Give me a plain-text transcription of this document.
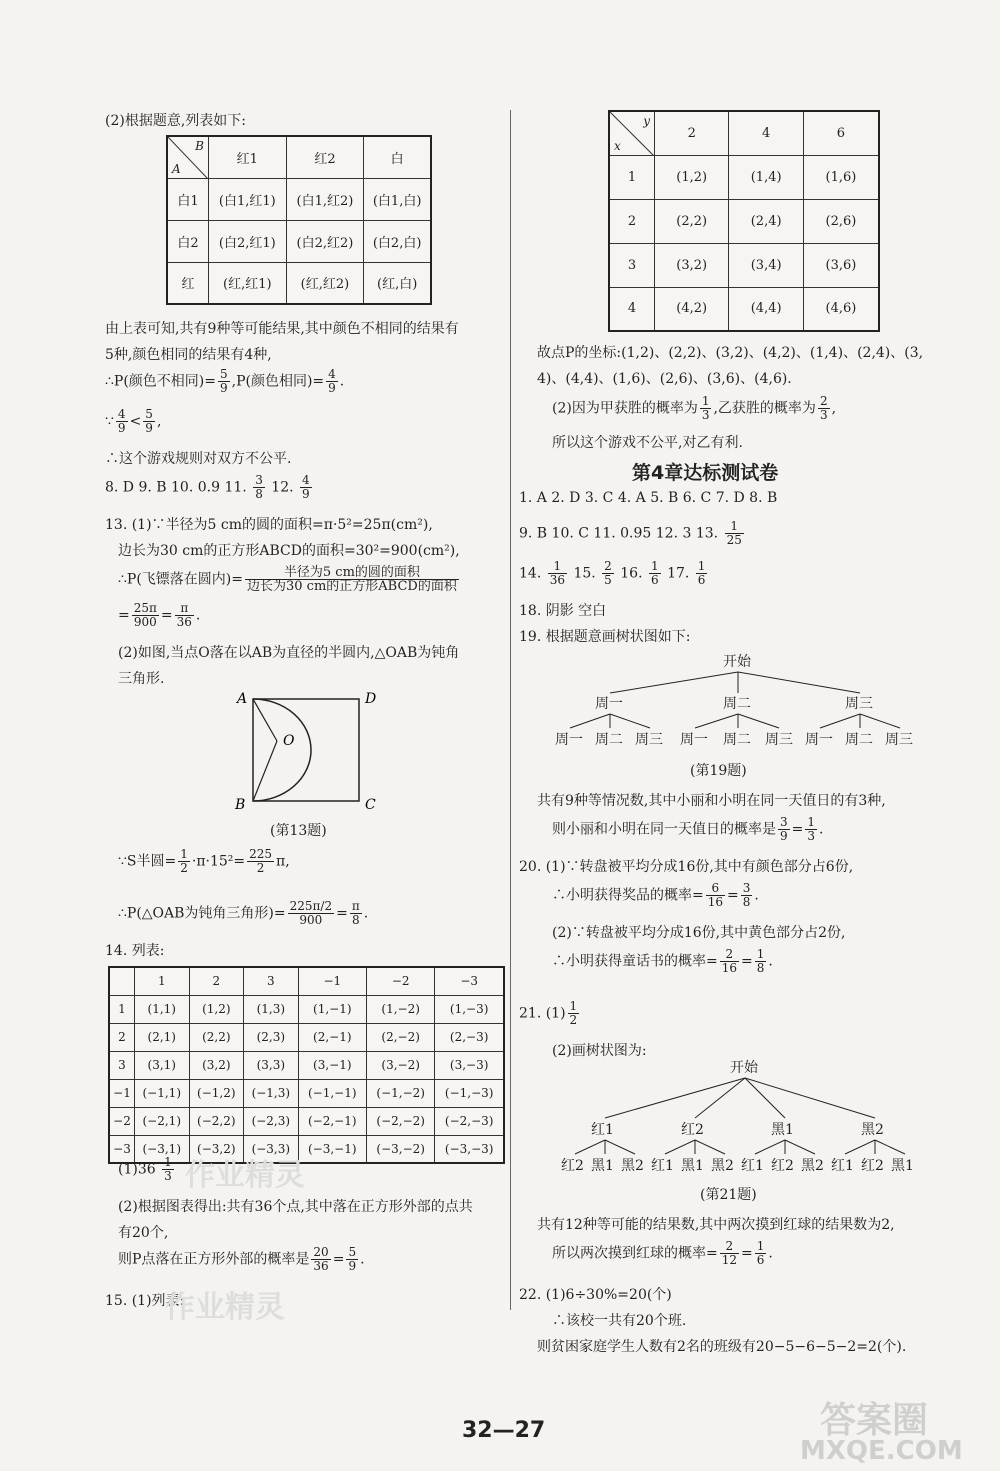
(2)根据题意,列表如下:
B
A	红1	红2	白
白1	(白1,红1)	(白1,红2)	(白1,白)
白2	(白2,红1)	(白2,红2)	(白2,白)
红	(红,红1)	(红,红2)	(红,白)
由上表可知,共有9种等可能结果,其中颜色不相同的结果有
5种,颜色相同的结果有4种,
∴P(颜色不相同)= $\frac{5}{9} ,P$(颜色相同)= $\frac{4}{9}$ .
∵ $\frac{4}{9} < \frac{5}{9}$ ,
∴这个游戏规则对双方不公平.
8. D 9. B 10. 0.9 11. $\frac{3}{8} 12$. $\frac{4}{9}$
13. (1)∵半径为5 cm的圆的面积=π·5²=25π(cm²),
边长为30 cm的正方形ABCD的面积=30²=900(cm²),
∴P(飞镖落在圆内)= $\frac{\text{半径为5 cm的圆的面积}}{\text{边长为30 cm的正方形ABCD的面积}}$
= $\frac{25\pi}{900} = \frac{\pi}{36}$ .
(2)如图,当点O落在以AB为直径的半圆内,△OAB为钝角
三角形.
A	D
O
B	C
(第13题)
∵S半圆= $\frac{1}{2} \cdot\pi\cdot 15^2= \frac{225}{2} \pi$,
∴P(△OAB为钝角三角形)= $\frac{225\pi/2}{900} = \frac{\pi}{8}$ .
14. 列表:
	1	2	3	−1	−2	−3
1	(1,1)	(1,2)	(1,3)	(1,−1)	(1,−2)	(1,−3)
2	(2,1)	(2,2)	(2,3)	(2,−1)	(2,−2)	(2,−3)
3	(3,1)	(3,2)	(3,3)	(3,−1)	(3,−2)	(3,−3)
−1	(−1,1)	(−1,2)	(−1,3)	(−1,−1)	(−1,−2)	(−1,−3)
−2	(−2,1)	(−2,2)	(−2,3)	(−2,−1)	(−2,−2)	(−2,−3)
−3	(−3,1)	(−3,2)	(−3,3)	(−3,−1)	(−3,−2)	(−3,−3)
$(1)36 \frac{1}{3}$
(2)根据图表得出:共有36个点,其中落在正方形外部的点共
有20个,
则P点落在正方形外部的概率是 $\frac{20}{36} = \frac{5}{9}$ .
15. (1)列表:
y
x	2	4	6
1	(1,2)	(1,4)	(1,6)
2	(2,2)	(2,4)	(2,6)
3	(3,2)	(3,4)	(3,6)
4	(4,2)	(4,4)	(4,6)
故点P的坐标:(1,2)、(2,2)、(3,2)、(4,2)、(1,4)、(2,4)、(3,
4)、(4,4)、(1,6)、(2,6)、(3,6)、(4,6).
(2)因为甲获胜的概率为 $\frac{1}{3}$ ,乙获胜的概率为 $\frac{2}{3}$ ,
所以这个游戏不公平,对乙有利.
第4章达标测试卷
1. A 2. D 3. C 4. A 5. B 6. C 7. D 8. B
9. B 10. C 11. 0.95 12. 3 13. $\frac{1}{25}$
14. $\frac{1}{36} 15$. $\frac{2}{5} 16$. $\frac{1}{6} 17$. $\frac{1}{6}$
18. 阴影 空白
19. 根据题意画树状图如下:
开始
周一	周二	周三
周一 周二 周三 周一 周二 周三 周一 周二 周三
(第19题)
共有9种等情况数,其中小丽和小明在同一天值日的有3种,
则小丽和小明在同一天值日的概率是 $\frac{3}{9} = \frac{1}{3}$ .
20. (1)∵转盘被平均分成16份,其中有颜色部分占6份,
∴小明获得奖品的概率= $\frac{6}{16} = \frac{3}{8}$ .
(2)∵转盘被平均分成16份,其中黄色部分占2份,
∴小明获得童话书的概率= $\frac{2}{16} = \frac{1}{8}$ .
21. $(1) \frac{1}{2}$
(2)画树状图为:
开始
红1
红2 黑1 黑2
红2
红1 黑1 黑2
黑1
红1 红2 黑2
黑2
红1 红2 黑1
(第21题)
共有12种等可能的结果数,其中两次摸到红球的结果数为2,
所以两次摸到红球的概率= $\frac{2}{12} = \frac{1}{6}$ .
22. (1)6÷30%=20(个)
∴该校一共有20个班.
则贫困家庭学生人数有2名的班级有20−5−6−5−2=2(个).
32—27
作业精灵
作业精灵
答案圈
MXQE.COM
